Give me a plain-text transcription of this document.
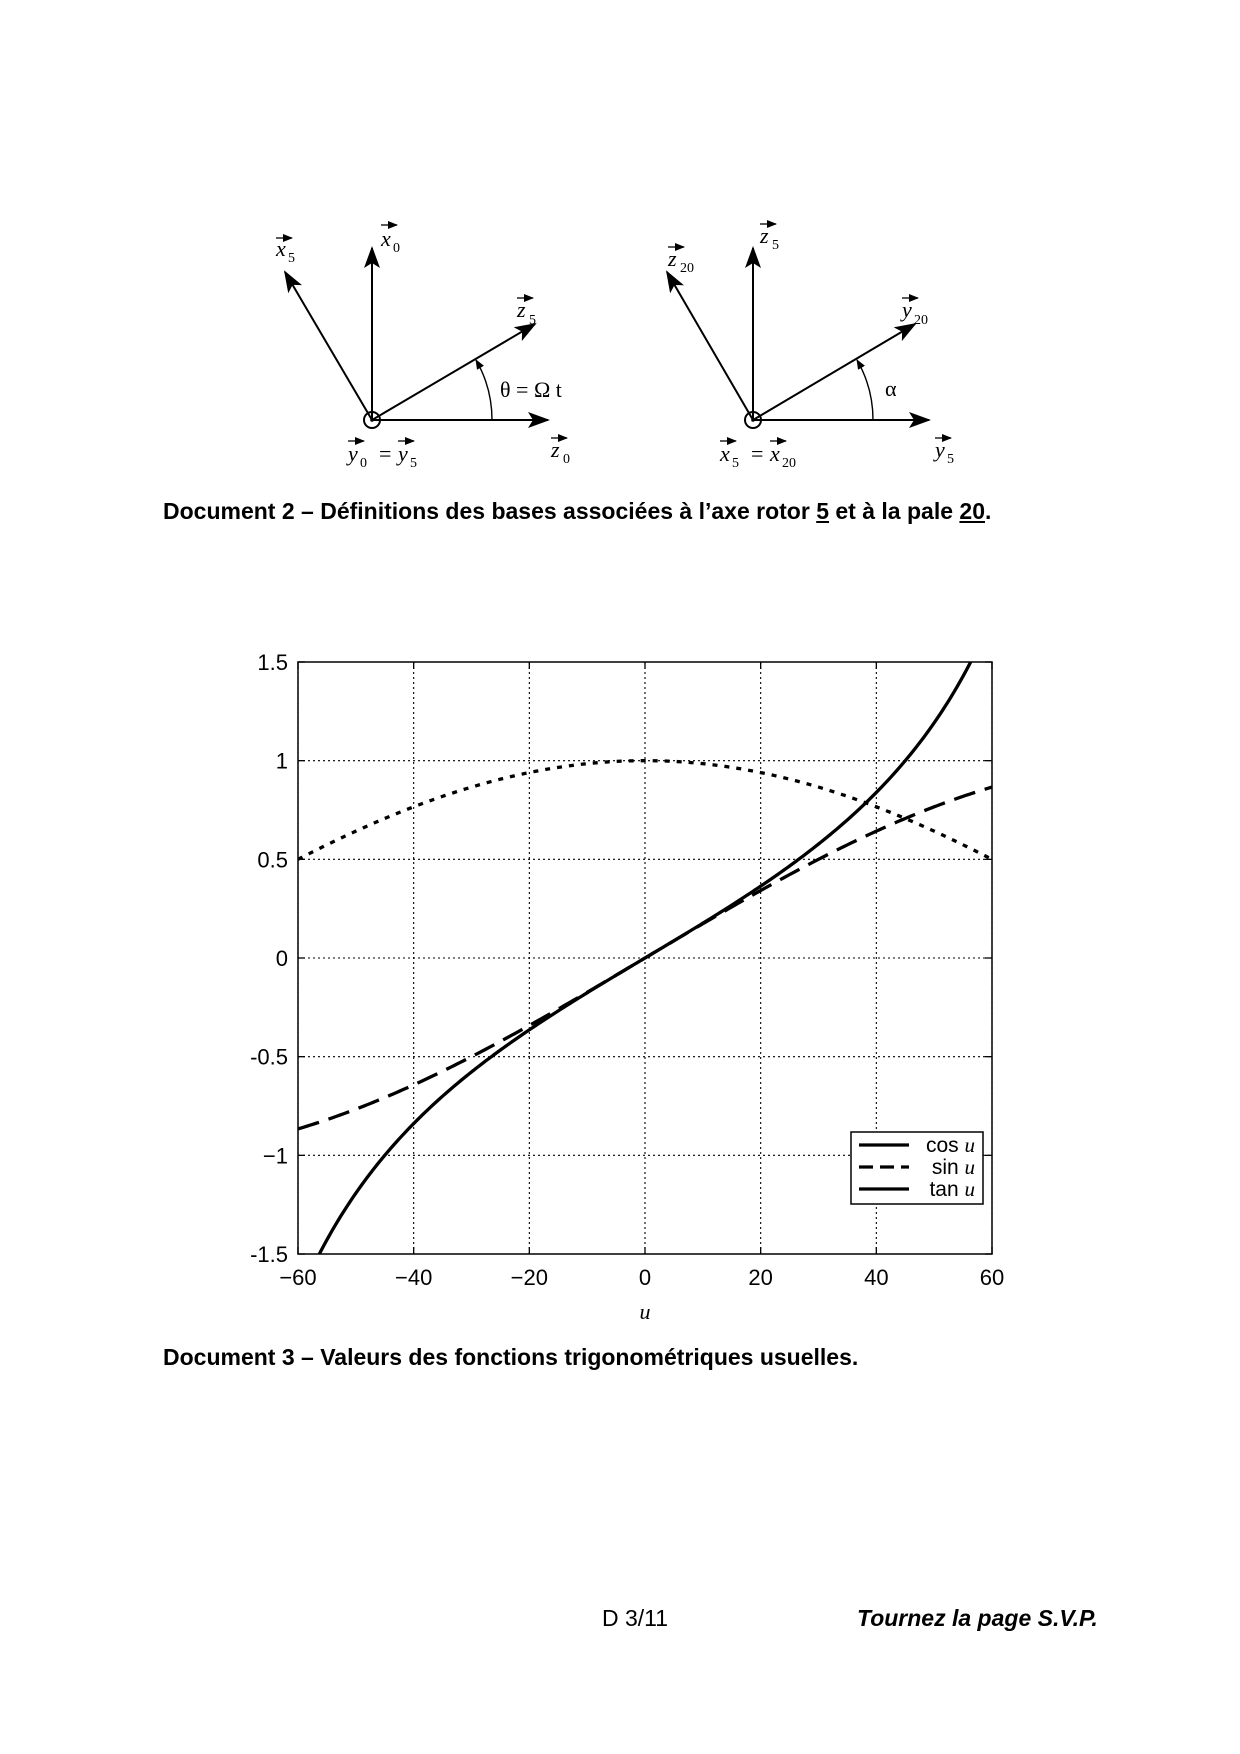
x 5
x 0
z 5
θ = Ω t
y 0 = y 5
z 0
z 20
z 5
y 20
α
x 5 = x 20
y 5
Document 2 – Définitions des bases associées à l’axe rotor 5 et à la pale 20.
−60	−40	−20	0	20	40	60
1.5
1
0.5
0
-0.5
−1
-1.5
u
cos u
sin u
tan u
Document 3 – Valeurs des fonctions trigonométriques usuelles.
D 3/11	Tournez la page S.V.P.
